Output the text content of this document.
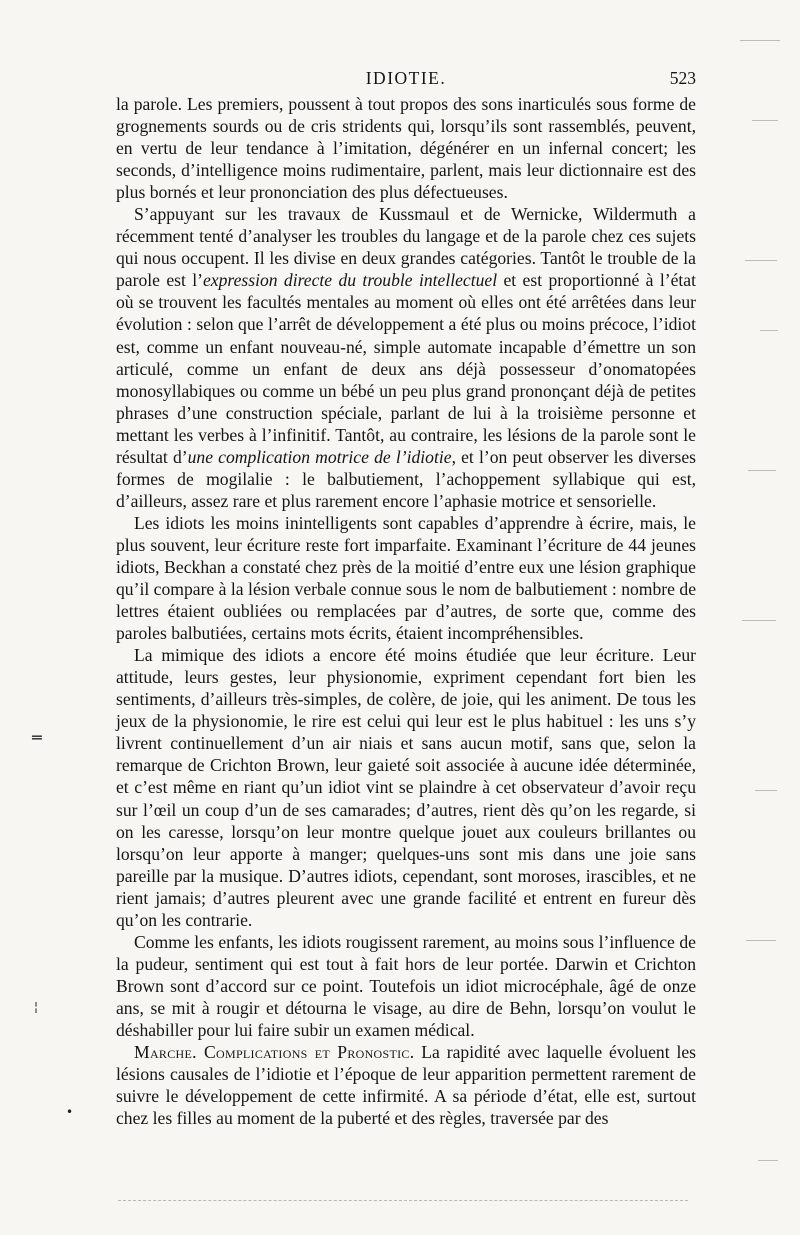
IDIOTIE.	523

la parole. Les premiers, poussent à tout propos des sons inarticulés sous forme de grognements sourds ou de cris stridents qui, lorsqu’ils sont rassemblés, peuvent, en vertu de leur tendance à l’imitation, dégénérer en un infernal concert; les seconds, d’intelligence moins rudimentaire, parlent, mais leur dictionnaire est des plus bornés et leur prononciation des plus défectueuses.

S’appuyant sur les travaux de Kussmaul et de Wernicke, Wildermuth a récemment tenté d’analyser les troubles du langage et de la parole chez ces sujets qui nous occupent. Il les divise en deux grandes catégories. Tantôt le trouble de la parole est l’expression directe du trouble intellectuel et est proportionné à l’état où se trouvent les facultés mentales au moment où elles ont été arrêtées dans leur évolution : selon que l’arrêt de développement a été plus ou moins précoce, l’idiot est, comme un enfant nouveau-né, simple automate incapable d’émettre un son articulé, comme un enfant de deux ans déjà possesseur d’onomatopées monosyllabiques ou comme un bébé un peu plus grand prononçant déjà de petites phrases d’une construction spéciale, parlant de lui à la troisième personne et mettant les verbes à l’infinitif. Tantôt, au contraire, les lésions de la parole sont le résultat d’une complication motrice de l’idiotie, et l’on peut observer les diverses formes de mogilalie : le balbutiement, l’achoppement syllabique qui est, d’ailleurs, assez rare et plus rarement encore l’aphasie motrice et sensorielle.

Les idiots les moins inintelligents sont capables d’apprendre à écrire, mais, le plus souvent, leur écriture reste fort imparfaite. Examinant l’écriture de 44 jeunes idiots, Beckhan a constaté chez près de la moitié d’entre eux une lésion graphique qu’il compare à la lésion verbale connue sous le nom de balbutiement : nombre de lettres étaient oubliées ou remplacées par d’autres, de sorte que, comme des paroles balbutiées, certains mots écrits, étaient incompréhensibles.

La mimique des idiots a encore été moins étudiée que leur écriture. Leur attitude, leurs gestes, leur physionomie, expriment cependant fort bien les sentiments, d’ailleurs très-simples, de colère, de joie, qui les animent. De tous les jeux de la physionomie, le rire est celui qui leur est le plus habituel : les uns s’y livrent continuellement d’un air niais et sans aucun motif, sans que, selon la remarque de Crichton Brown, leur gaieté soit associée à aucune idée déterminée, et c’est même en riant qu’un idiot vint se plaindre à cet observateur d’avoir reçu sur l’œil un coup d’un de ses camarades; d’autres, rient dès qu’on les regarde, si on les caresse, lorsqu’on leur montre quelque jouet aux couleurs brillantes ou lorsqu’on leur apporte à manger; quelques-uns sont mis dans une joie sans pareille par la musique. D’autres idiots, cependant, sont moroses, irascibles, et ne rient jamais; d’autres pleurent avec une grande facilité et entrent en fureur dès qu’on les contrarie.

Comme les enfants, les idiots rougissent rarement, au moins sous l’influence de la pudeur, sentiment qui est tout à fait hors de leur portée. Darwin et Crichton Brown sont d’accord sur ce point. Toutefois un idiot microcéphale, âgé de onze ans, se mit à rougir et détourna le visage, au dire de Behn, lorsqu’on voulut le déshabiller pour lui faire subir un examen médical.

Marche. Complications et Pronostic. La rapidité avec laquelle évoluent les lésions causales de l’idiotie et l’époque de leur apparition permettent rarement de suivre le développement de cette infirmité. A sa période d’état, elle est, surtout chez les filles au moment de la puberté et des règles, traversée par des

═
¦
•
